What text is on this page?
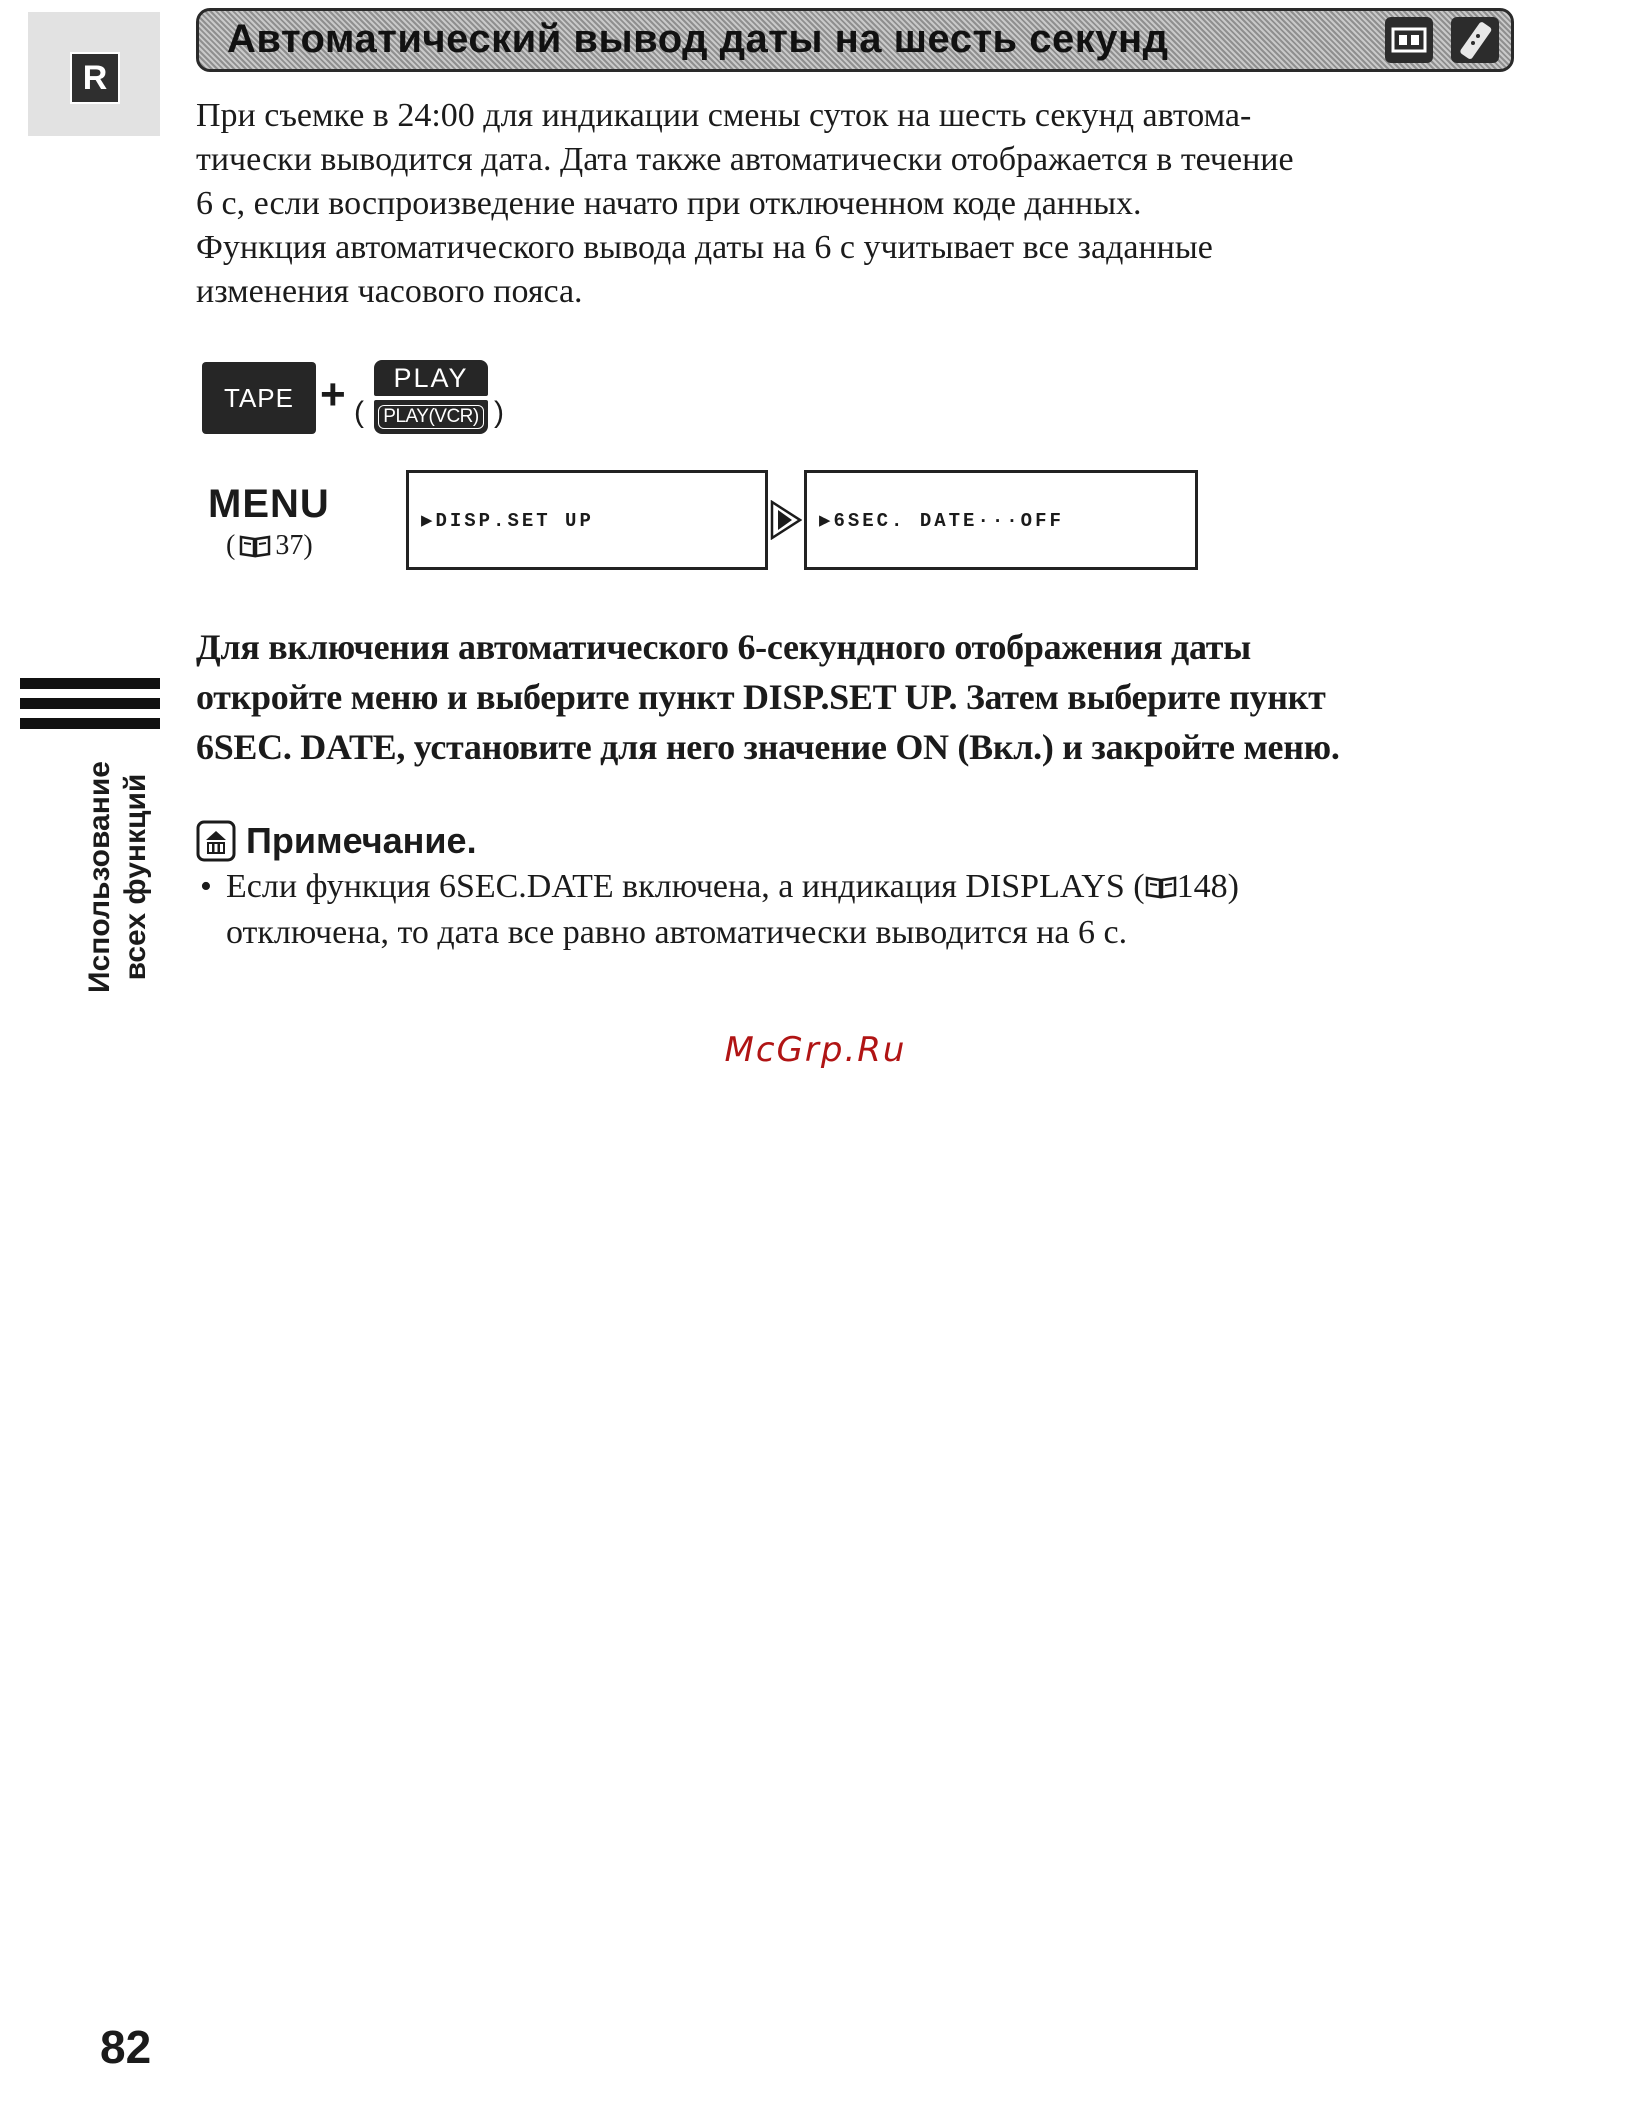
R
Автоматический вывод даты на шесть секунд

При съемке в 24:00 для индикации смены суток на шесть секунд автома-
тически выводится дата. Дата также автоматически отображается в течение
6 с, если воспроизведение начато при отключенном коде данных.
Функция автоматического вывода даты на 6 с учитывает все заданные
изменения часового пояса.

TAPE + (
PLAY
PLAY(VCR) )
MENU
( 37)
▶DISP.SET UP	▶6SEC. DATE···OFF

Для включения автоматического 6-секундного отображения даты
откройте меню и выберите пункт DISP.SET UP. Затем выберите пункт
6SEC. DATE, установите для него значение ON (Вкл.) и закройте меню.

Использование всех функций	Примечание.

• Если функция 6SEC.DATE включена, а индикация DISPLAYS ( 148)
отключена, то дата все равно автоматически выводится на 6 с.

McGrp.Ru
82
